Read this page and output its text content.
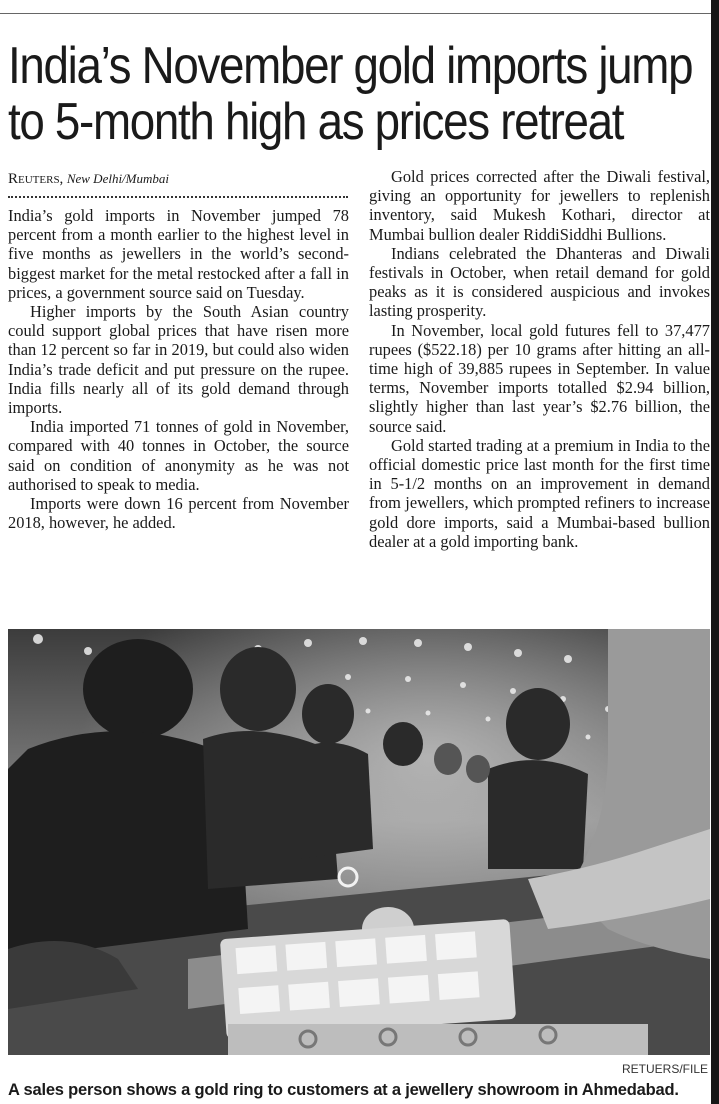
India’s November gold imports jump
to 5-month high as prices retreat
Reuters, New Delhi/Mumbai

India’s gold imports in November jumped 78 percent from a month earlier to the highest level in five months as jewellers in the world’s second-biggest market for the metal restocked after a fall in prices, a government source said on Tuesday.

Higher imports by the South Asian country could support global prices that have risen more than 12 percent so far in 2019, but could also widen India’s trade deficit and put pressure on the rupee. India fills nearly all of its gold demand through imports.

India imported 71 tonnes of gold in November, compared with 40 tonnes in October, the source said on condition of anonymity as he was not authorised to speak to media.

Imports were down 16 percent from November 2018, however, he added.

Gold prices corrected after the Diwali festival, giving an opportunity for jewellers to replenish inventory, said Mukesh Kothari, director at Mumbai bullion dealer RiddiSiddhi Bullions.

Indians celebrated the Dhanteras and Diwali festivals in October, when retail demand for gold peaks as it is considered auspicious and invokes lasting prosperity.

In November, local gold futures fell to 37,477 rupees ($522.18) per 10 grams after hitting an all-time high of 39,885 rupees in September. In value terms, November imports totalled $2.94 billion, slightly higher than last year’s $2.76 billion, the source said.

Gold started trading at a premium in India to the official domestic price last month for the first time in 5-1/2 months on an improvement in demand from jewellers, which prompted refiners to increase gold dore imports, said a Mumbai-based bullion dealer at a gold importing bank.

RETUERS/FILE

A sales person shows a gold ring to customers at a jewellery showroom in Ahmedabad.
